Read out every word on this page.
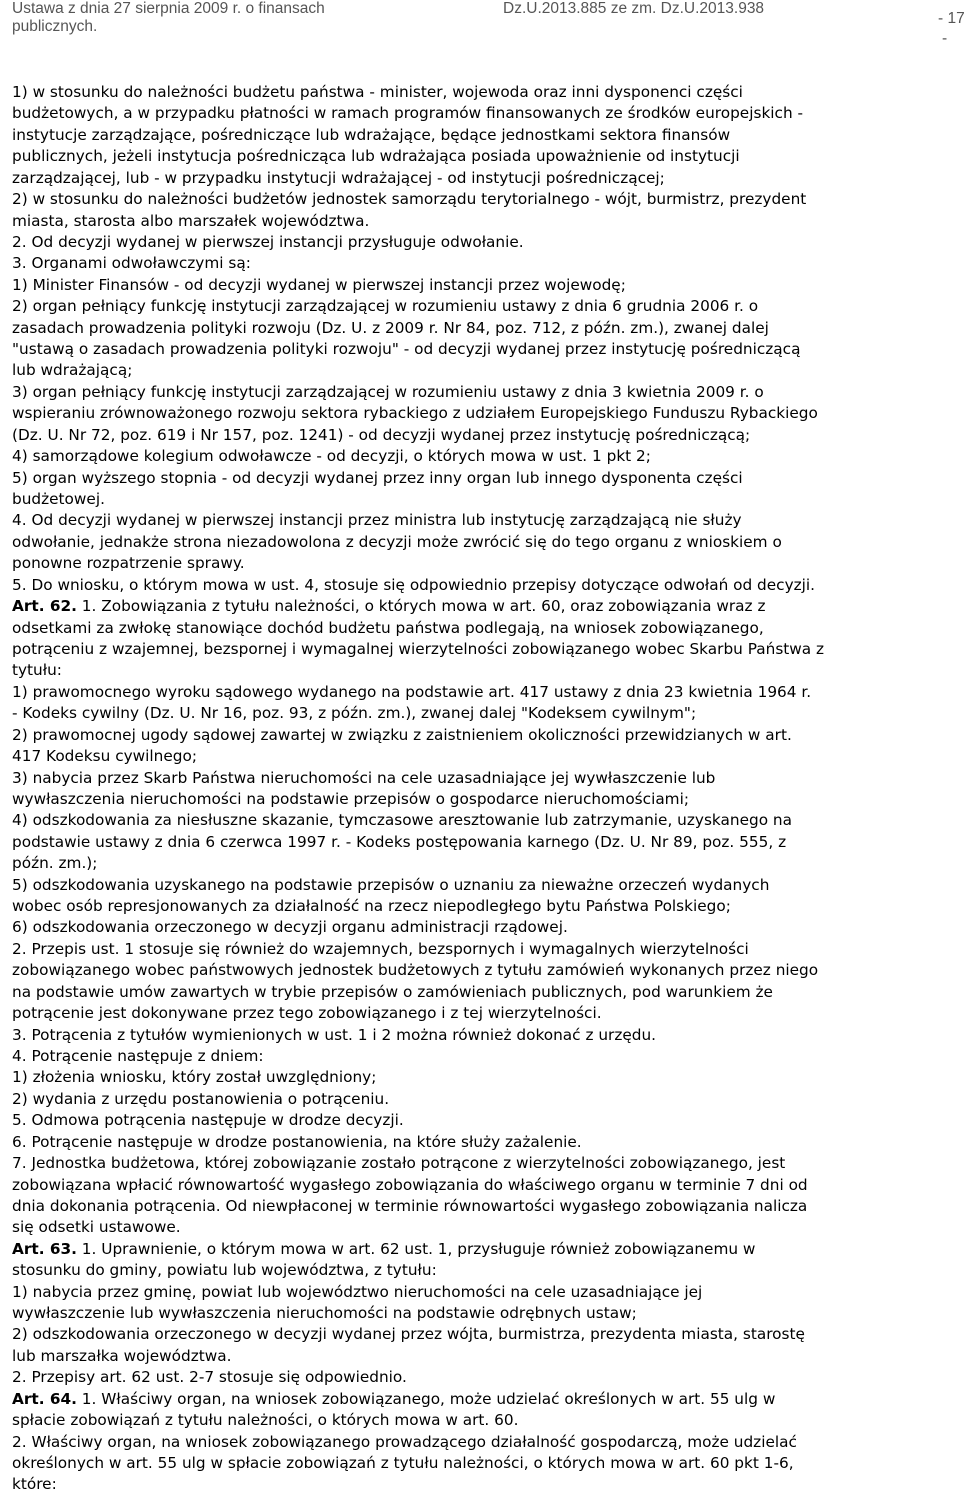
Ustawa z dnia 27 sierpnia 2009 r. o finansach
publicznych.
Dz.U.2013.885 ze zm. Dz.U.2013.938
- 17
-
1) w stosunku do należności budżetu państwa - minister, wojewoda oraz inni dysponenci części
budżetowych, a w przypadku płatności w ramach programów finansowanych ze środków europejskich -
instytucje zarządzające, pośredniczące lub wdrażające, będące jednostkami sektora finansów
publicznych, jeżeli instytucja pośrednicząca lub wdrażająca posiada upoważnienie od instytucji
zarządzającej, lub - w przypadku instytucji wdrażającej - od instytucji pośredniczącej;
2) w stosunku do należności budżetów jednostek samorządu terytorialnego - wójt, burmistrz, prezydent
miasta, starosta albo marszałek województwa.
2. Od decyzji wydanej w pierwszej instancji przysługuje odwołanie.
3. Organami odwoławczymi są:
1) Minister Finansów - od decyzji wydanej w pierwszej instancji przez wojewodę;
2) organ pełniący funkcję instytucji zarządzającej w rozumieniu ustawy z dnia 6 grudnia 2006 r. o
zasadach prowadzenia polityki rozwoju (Dz. U. z 2009 r. Nr 84, poz. 712, z późn. zm.), zwanej dalej
"ustawą o zasadach prowadzenia polityki rozwoju" - od decyzji wydanej przez instytucję pośredniczącą
lub wdrażającą;
3) organ pełniący funkcję instytucji zarządzającej w rozumieniu ustawy z dnia 3 kwietnia 2009 r. o
wspieraniu zrównoważonego rozwoju sektora rybackiego z udziałem Europejskiego Funduszu Rybackiego
(Dz. U. Nr 72, poz. 619 i Nr 157, poz. 1241) - od decyzji wydanej przez instytucję pośredniczącą;
4) samorządowe kolegium odwoławcze - od decyzji, o których mowa w ust. 1 pkt 2;
5) organ wyższego stopnia - od decyzji wydanej przez inny organ lub innego dysponenta części
budżetowej.
4. Od decyzji wydanej w pierwszej instancji przez ministra lub instytucję zarządzającą nie służy
odwołanie, jednakże strona niezadowolona z decyzji może zwrócić się do tego organu z wnioskiem o
ponowne rozpatrzenie sprawy.
5. Do wniosku, o którym mowa w ust. 4, stosuje się odpowiednio przepisy dotyczące odwołań od decyzji.
Art. 62. 1. Zobowiązania z tytułu należności, o których mowa w art. 60, oraz zobowiązania wraz z
odsetkami za zwłokę stanowiące dochód budżetu państwa podlegają, na wniosek zobowiązanego,
potrąceniu z wzajemnej, bezspornej i wymagalnej wierzytelności zobowiązanego wobec Skarbu Państwa z
tytułu:
1) prawomocnego wyroku sądowego wydanego na podstawie art. 417 ustawy z dnia 23 kwietnia 1964 r.
- Kodeks cywilny (Dz. U. Nr 16, poz. 93, z późn. zm.), zwanej dalej "Kodeksem cywilnym";
2) prawomocnej ugody sądowej zawartej w związku z zaistnieniem okoliczności przewidzianych w art.
417 Kodeksu cywilnego;
3) nabycia przez Skarb Państwa nieruchomości na cele uzasadniające jej wywłaszczenie lub
wywłaszczenia nieruchomości na podstawie przepisów o gospodarce nieruchomościami;
4) odszkodowania za niesłuszne skazanie, tymczasowe aresztowanie lub zatrzymanie, uzyskanego na
podstawie ustawy z dnia 6 czerwca 1997 r. - Kodeks postępowania karnego (Dz. U. Nr 89, poz. 555, z
późn. zm.);
5) odszkodowania uzyskanego na podstawie przepisów o uznaniu za nieważne orzeczeń wydanych
wobec osób represjonowanych za działalność na rzecz niepodległego bytu Państwa Polskiego;
6) odszkodowania orzeczonego w decyzji organu administracji rządowej.
2. Przepis ust. 1 stosuje się również do wzajemnych, bezspornych i wymagalnych wierzytelności
zobowiązanego wobec państwowych jednostek budżetowych z tytułu zamówień wykonanych przez niego
na podstawie umów zawartych w trybie przepisów o zamówieniach publicznych, pod warunkiem że
potrącenie jest dokonywane przez tego zobowiązanego i z tej wierzytelności.
3. Potrącenia z tytułów wymienionych w ust. 1 i 2 można również dokonać z urzędu.
4. Potrącenie następuje z dniem:
1) złożenia wniosku, który został uwzględniony;
2) wydania z urzędu postanowienia o potrąceniu.
5. Odmowa potrącenia następuje w drodze decyzji.
6. Potrącenie następuje w drodze postanowienia, na które służy zażalenie.
7. Jednostka budżetowa, której zobowiązanie zostało potrącone z wierzytelności zobowiązanego, jest
zobowiązana wpłacić równowartość wygasłego zobowiązania do właściwego organu w terminie 7 dni od
dnia dokonania potrącenia. Od niewpłaconej w terminie równowartości wygasłego zobowiązania nalicza
się odsetki ustawowe.
Art. 63. 1. Uprawnienie, o którym mowa w art. 62 ust. 1, przysługuje również zobowiązanemu w
stosunku do gminy, powiatu lub województwa, z tytułu:
1) nabycia przez gminę, powiat lub województwo nieruchomości na cele uzasadniające jej
wywłaszczenie lub wywłaszczenia nieruchomości na podstawie odrębnych ustaw;
2) odszkodowania orzeczonego w decyzji wydanej przez wójta, burmistrza, prezydenta miasta, starostę
lub marszałka województwa.
2. Przepisy art. 62 ust. 2-7 stosuje się odpowiednio.
Art. 64. 1. Właściwy organ, na wniosek zobowiązanego, może udzielać określonych w art. 55 ulg w
spłacie zobowiązań z tytułu należności, o których mowa w art. 60.
2. Właściwy organ, na wniosek zobowiązanego prowadzącego działalność gospodarczą, może udzielać
określonych w art. 55 ulg w spłacie zobowiązań z tytułu należności, o których mowa w art. 60 pkt 1-6,
które:
